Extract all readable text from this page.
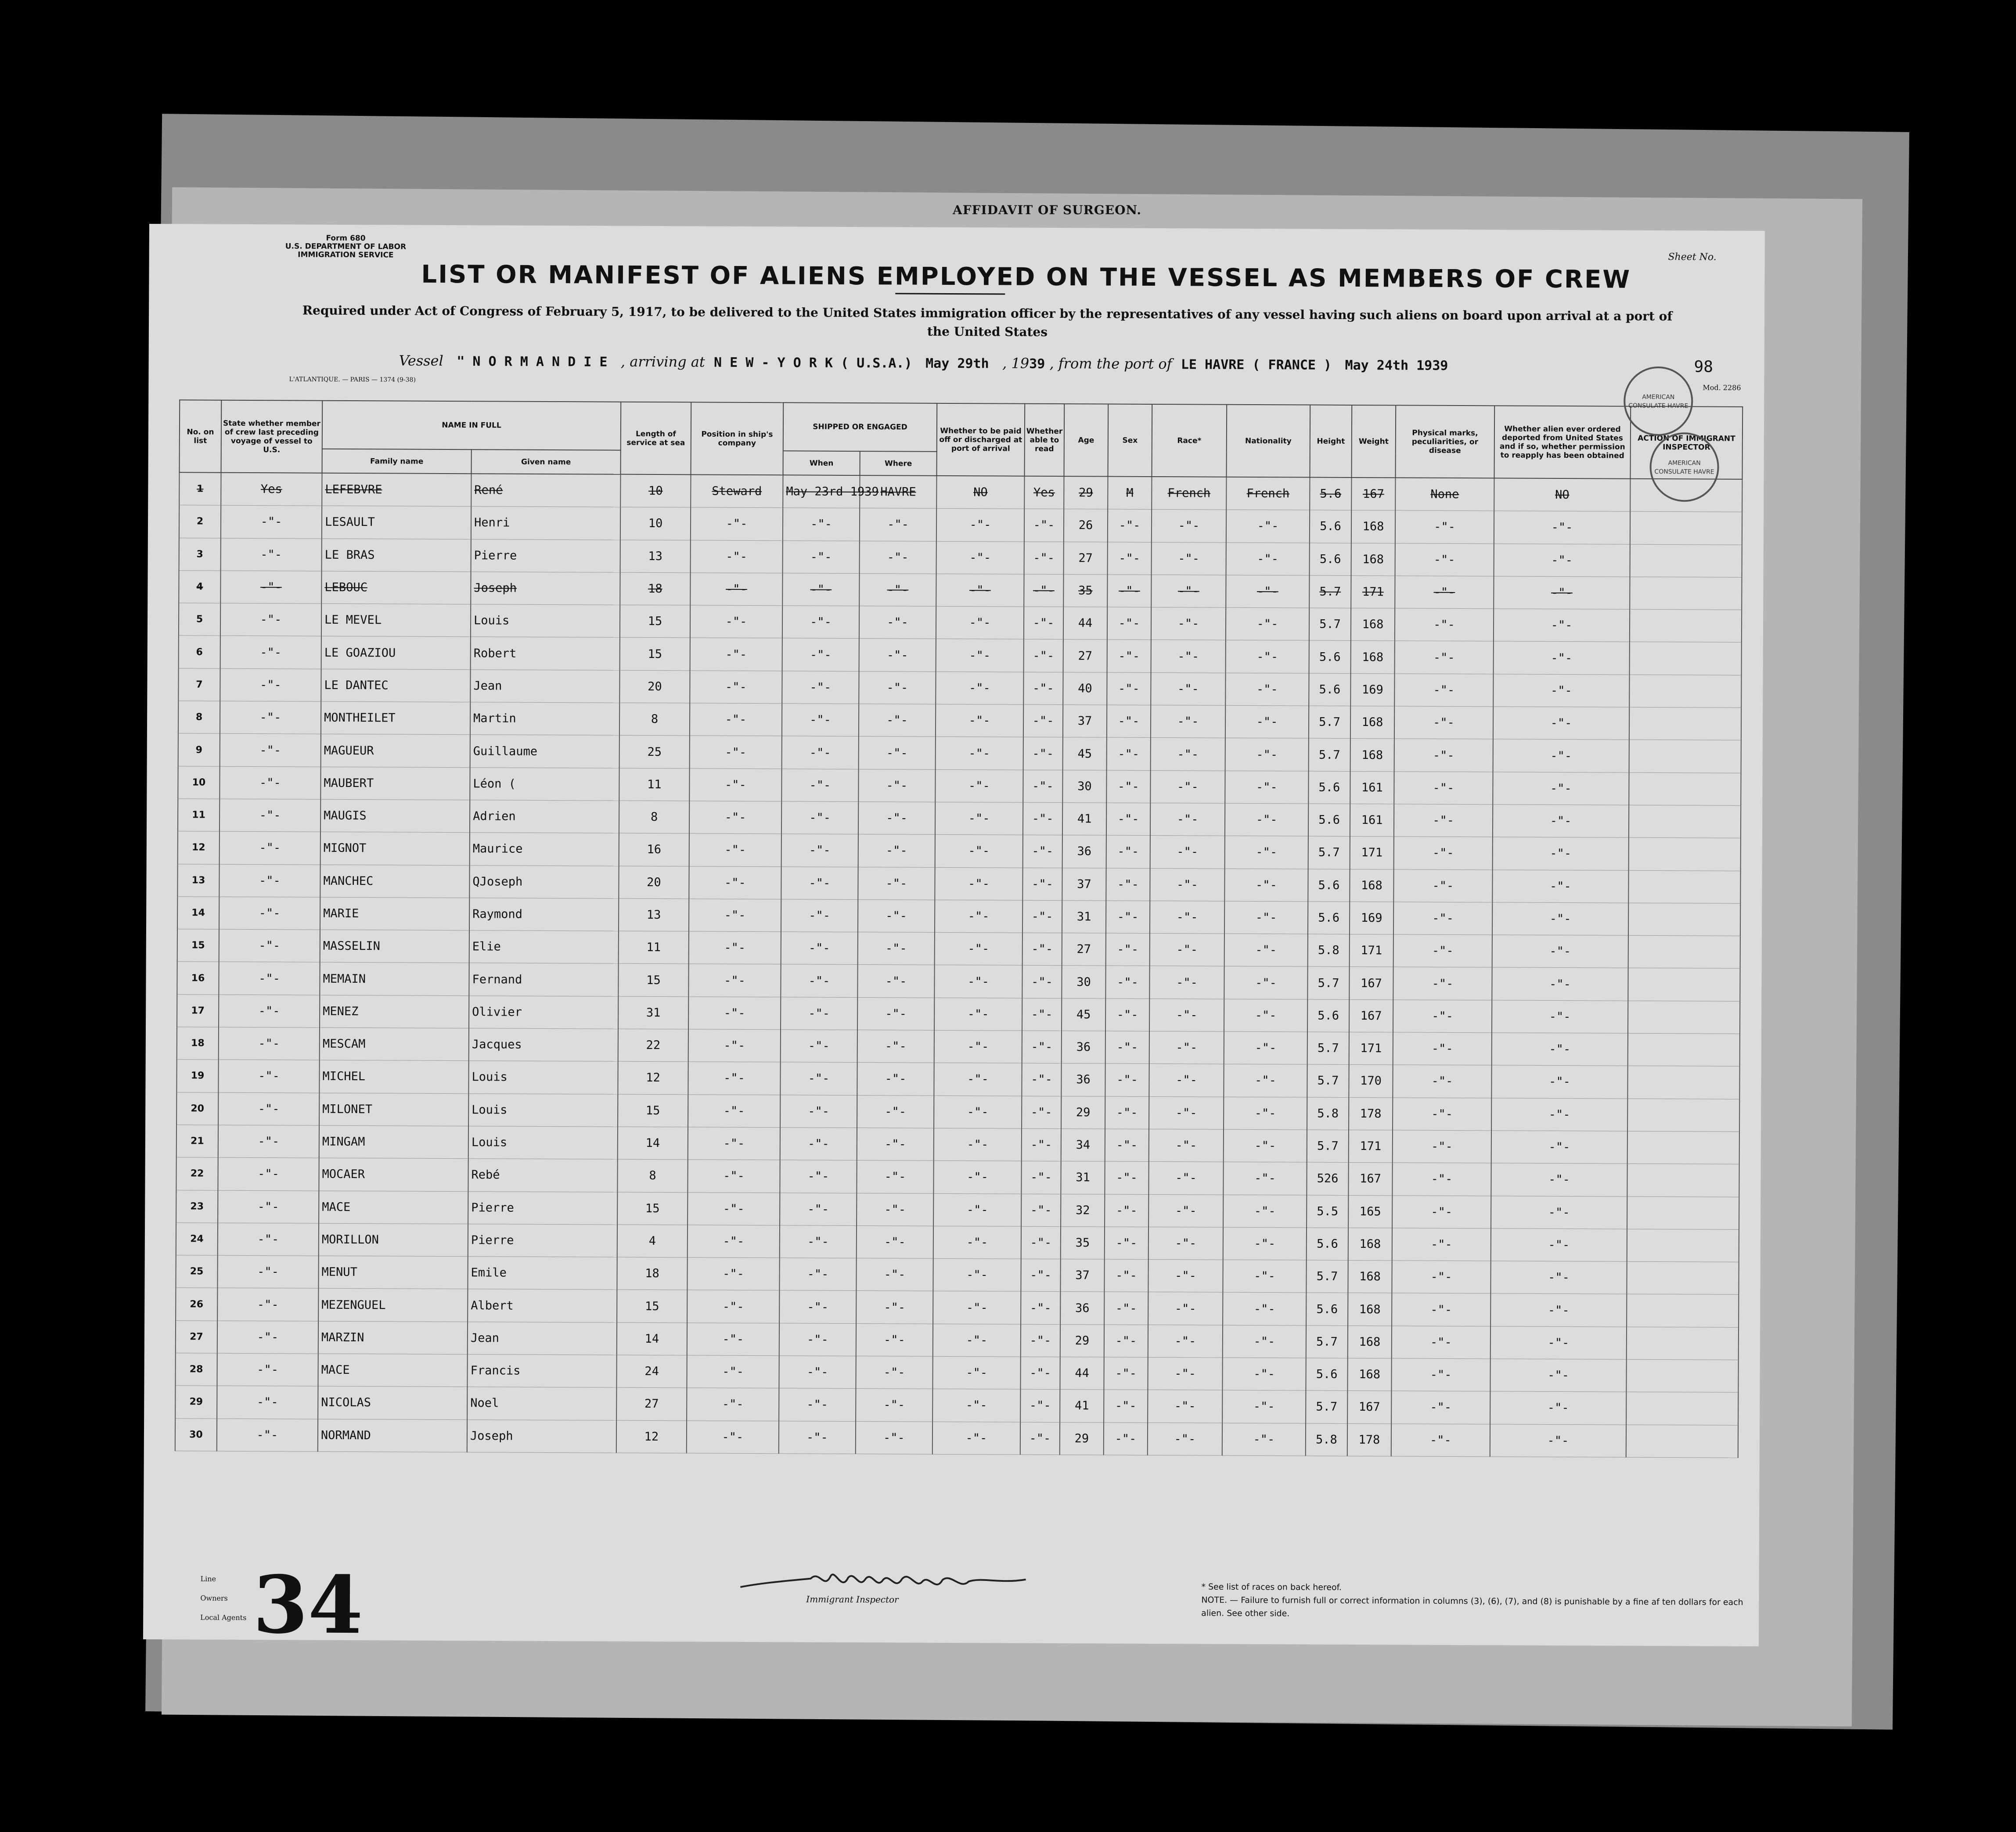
AFFIDAVIT OF SURGEON.
Form 680
U.S. DEPARTMENT OF LABOR
IMMIGRATION SERVICE	Sheet No.
LIST OR MANIFEST OF ALIENS EMPLOYED ON THE VESSEL AS MEMBERS OF CREW
Required under Act of Congress of February 5, 1917, to be delivered to the United States immigration officer by the representatives of any vessel having such aliens on board upon arrival at a port of the United States
Vessel " N O R M A N D I E , arriving at N E W - Y O R K ( U.S.A.) May 29th , 1939 , from the port of LE HAVRE ( FRANCE ) May 24th 1939	98
L'ATLANTIQUE. — PARIS — 1374 (9-38)
Mod. 2286
No. on list	State whether member of crew last preceding voyage of vessel to U.S.	NAME IN FULL		Length of service at sea	Position in ship's company	SHIPPED OR ENGAGED		Whether to be paid off or discharged at port of arrival	Whether able to read	Age	Sex	Race*	Nationality	Height	Weight	Physical marks, peculiarities, or disease	Whether alien ever ordered deported from United States and if so, whether permission to reapply has been obtained	ACTION OF IMMIGRANT INSPECTOR
		Family name	Given name			When	Where											
1	Yes	LEFEBVRE	René	10	Steward	May 23rd 1939	HAVRE	NO	Yes	29	M	French	French	5.6	167	None	NO	
2	-"-	LESAULT	Henri	10	-"-	-"-	-"-	-"-	-"-	26	-"-	-"-	-"-	5.6	168	-"-	-"-	
3	-"-	LE BRAS	Pierre	13	-"-	-"-	-"-	-"-	-"-	27	-"-	-"-	-"-	5.6	168	-"-	-"-	
4	-"-	LEBOUC	Joseph	18	-"-	-"-	-"-	-"-	-"-	35	-"-	-"-	-"-	5.7	171	-"-	-"-	
5	-"-	LE MEVEL	Louis	15	-"-	-"-	-"-	-"-	-"-	44	-"-	-"-	-"-	5.7	168	-"-	-"-	
6	-"-	LE GOAZIOU	Robert	15	-"-	-"-	-"-	-"-	-"-	27	-"-	-"-	-"-	5.6	168	-"-	-"-	
7	-"-	LE DANTEC	Jean	20	-"-	-"-	-"-	-"-	-"-	40	-"-	-"-	-"-	5.6	169	-"-	-"-	
8	-"-	MONTHEILET	Martin	8	-"-	-"-	-"-	-"-	-"-	37	-"-	-"-	-"-	5.7	168	-"-	-"-	
9	-"-	MAGUEUR	Guillaume	25	-"-	-"-	-"-	-"-	-"-	45	-"-	-"-	-"-	5.7	168	-"-	-"-	
10	-"-	MAUBERT	Léon (	11	-"-	-"-	-"-	-"-	-"-	30	-"-	-"-	-"-	5.6	161	-"-	-"-	
11	-"-	MAUGIS	Adrien	8	-"-	-"-	-"-	-"-	-"-	41	-"-	-"-	-"-	5.6	161	-"-	-"-	
12	-"-	MIGNOT	Maurice	16	-"-	-"-	-"-	-"-	-"-	36	-"-	-"-	-"-	5.7	171	-"-	-"-	
13	-"-	MANCHEC	QJoseph	20	-"-	-"-	-"-	-"-	-"-	37	-"-	-"-	-"-	5.6	168	-"-	-"-	
14	-"-	MARIE	Raymond	13	-"-	-"-	-"-	-"-	-"-	31	-"-	-"-	-"-	5.6	169	-"-	-"-	
15	-"-	MASSELIN	Elie	11	-"-	-"-	-"-	-"-	-"-	27	-"-	-"-	-"-	5.8	171	-"-	-"-	
16	-"-	MEMAIN	Fernand	15	-"-	-"-	-"-	-"-	-"-	30	-"-	-"-	-"-	5.7	167	-"-	-"-	
17	-"-	MENEZ	Olivier	31	-"-	-"-	-"-	-"-	-"-	45	-"-	-"-	-"-	5.6	167	-"-	-"-	
18	-"-	MESCAM	Jacques	22	-"-	-"-	-"-	-"-	-"-	36	-"-	-"-	-"-	5.7	171	-"-	-"-	
19	-"-	MICHEL	Louis	12	-"-	-"-	-"-	-"-	-"-	36	-"-	-"-	-"-	5.7	170	-"-	-"-	
20	-"-	MILONET	Louis	15	-"-	-"-	-"-	-"-	-"-	29	-"-	-"-	-"-	5.8	178	-"-	-"-	
21	-"-	MINGAM	Louis	14	-"-	-"-	-"-	-"-	-"-	34	-"-	-"-	-"-	5.7	171	-"-	-"-	
22	-"-	MOCAER	Rebé	8	-"-	-"-	-"-	-"-	-"-	31	-"-	-"-	-"-	526	167	-"-	-"-	
23	-"-	MACE	Pierre	15	-"-	-"-	-"-	-"-	-"-	32	-"-	-"-	-"-	5.5	165	-"-	-"-	
24	-"-	MORILLON	Pierre	4	-"-	-"-	-"-	-"-	-"-	35	-"-	-"-	-"-	5.6	168	-"-	-"-	
25	-"-	MENUT	Emile	18	-"-	-"-	-"-	-"-	-"-	37	-"-	-"-	-"-	5.7	168	-"-	-"-	
26	-"-	MEZENGUEL	Albert	15	-"-	-"-	-"-	-"-	-"-	36	-"-	-"-	-"-	5.6	168	-"-	-"-	
27	-"-	MARZIN	Jean	14	-"-	-"-	-"-	-"-	-"-	29	-"-	-"-	-"-	5.7	168	-"-	-"-	
28	-"-	MACE	Francis	24	-"-	-"-	-"-	-"-	-"-	44	-"-	-"-	-"-	5.6	168	-"-	-"-	
29	-"-	NICOLAS	Noel	27	-"-	-"-	-"-	-"-	-"-	41	-"-	-"-	-"-	5.7	167	-"-	-"-	
30	-"-	NORMAND	Joseph	12	-"-	-"-	-"-	-"-	-"-	29	-"-	-"-	-"-	5.8	178	-"-	-"-	
AMERICAN CONSULATE HAVRE
AMERICAN CONSULATE HAVRE
Line
Owners
Local Agents 34	Immigrant Inspector
* See list of races on back hereof.
NOTE. — Failure to furnish full or correct information in columns (3), (6), (7), and (8) is punishable by a fine af ten dollars for each alien. See other side.
